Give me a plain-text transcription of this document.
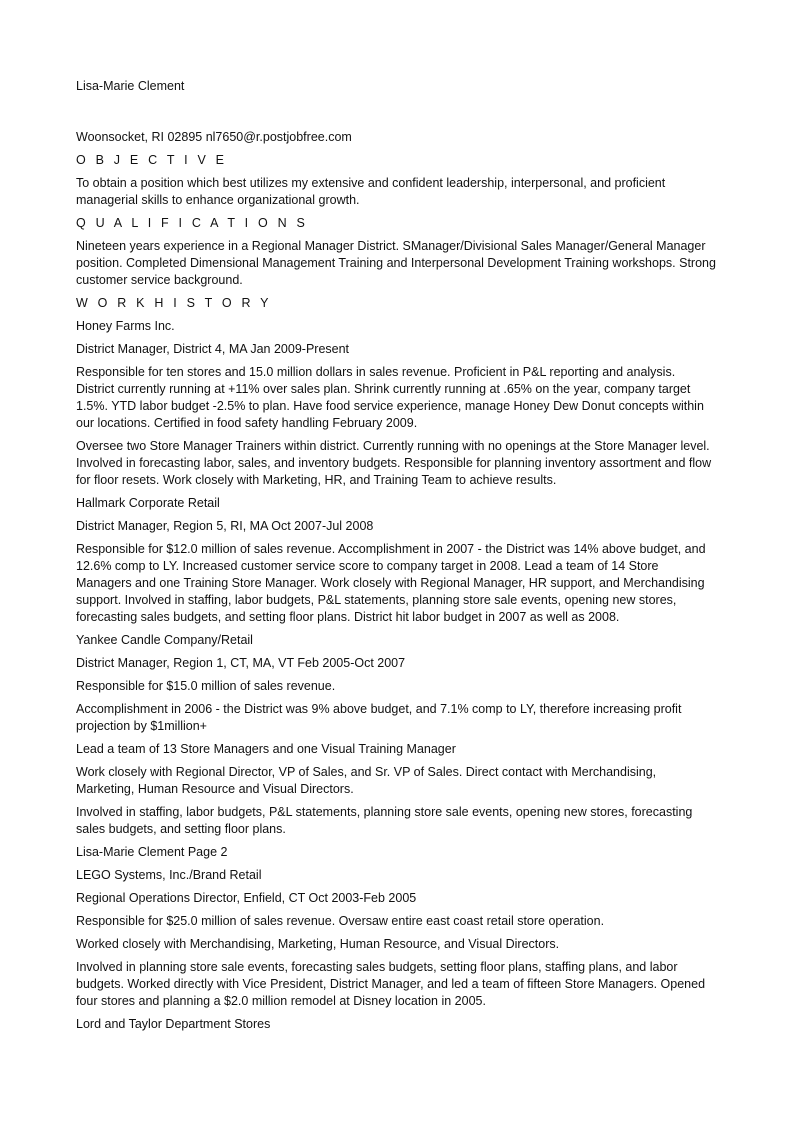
Lisa-Marie Clement

Woonsocket, RI 02895 nl7650@r.postjobfree.com

O B J E C T I V E

To obtain a position which best utilizes my extensive and confident leadership, interpersonal, and proficient managerial skills to enhance organizational growth.

Q U A L I F I C A T I O N S

Nineteen years experience in a Regional Manager District. SManager/Divisional Sales Manager/General Manager position. Completed Dimensional Management Training and Interpersonal Development Training workshops. Strong customer service background.

W O R K H I S T O R Y

Honey Farms Inc.

District Manager, District 4, MA Jan 2009-Present

Responsible for ten stores and 15.0 million dollars in sales revenue. Proficient in P&L reporting and analysis. District currently running at +11% over sales plan. Shrink currently running at .65% on the year, company target 1.5%. YTD labor budget -2.5% to plan. Have food service experience, manage Honey Dew Donut concepts within our locations. Certified in food safety handling February 2009.

Oversee two Store Manager Trainers within district. Currently running with no openings at the Store Manager level. Involved in forecasting labor, sales, and inventory budgets. Responsible for planning inventory assortment and flow for floor resets. Work closely with Marketing, HR, and Training Team to achieve results.

Hallmark Corporate Retail

District Manager, Region 5, RI, MA Oct 2007-Jul 2008

Responsible for $12.0 million of sales revenue. Accomplishment in 2007 - the District was 14% above budget, and 12.6% comp to LY. Increased customer service score to company target in 2008. Lead a team of 14 Store Managers and one Training Store Manager. Work closely with Regional Manager, HR support, and Merchandising support. Involved in staffing, labor budgets, P&L statements, planning store sale events, opening new stores, forecasting sales budgets, and setting floor plans. District hit labor budget in 2007 as well as 2008.

Yankee Candle Company/Retail

District Manager, Region 1, CT, MA, VT Feb 2005-Oct 2007

Responsible for $15.0 million of sales revenue.

Accomplishment in 2006 - the District was 9% above budget, and 7.1% comp to LY, therefore increasing profit projection by $1million+

Lead a team of 13 Store Managers and one Visual Training Manager

Work closely with Regional Director, VP of Sales, and Sr. VP of Sales. Direct contact with Merchandising, Marketing, Human Resource and Visual Directors.

Involved in staffing, labor budgets, P&L statements, planning store sale events, opening new stores, forecasting sales budgets, and setting floor plans.

Lisa-Marie Clement Page 2

LEGO Systems, Inc./Brand Retail

Regional Operations Director, Enfield, CT Oct 2003-Feb 2005

Responsible for $25.0 million of sales revenue. Oversaw entire east coast retail store operation.

Worked closely with Merchandising, Marketing, Human Resource, and Visual Directors.

Involved in planning store sale events, forecasting sales budgets, setting floor plans, staffing plans, and labor budgets. Worked directly with Vice President, District Manager, and led a team of fifteen Store Managers. Opened four stores and planning a $2.0 million remodel at Disney location in 2005.

Lord and Taylor Department Stores
